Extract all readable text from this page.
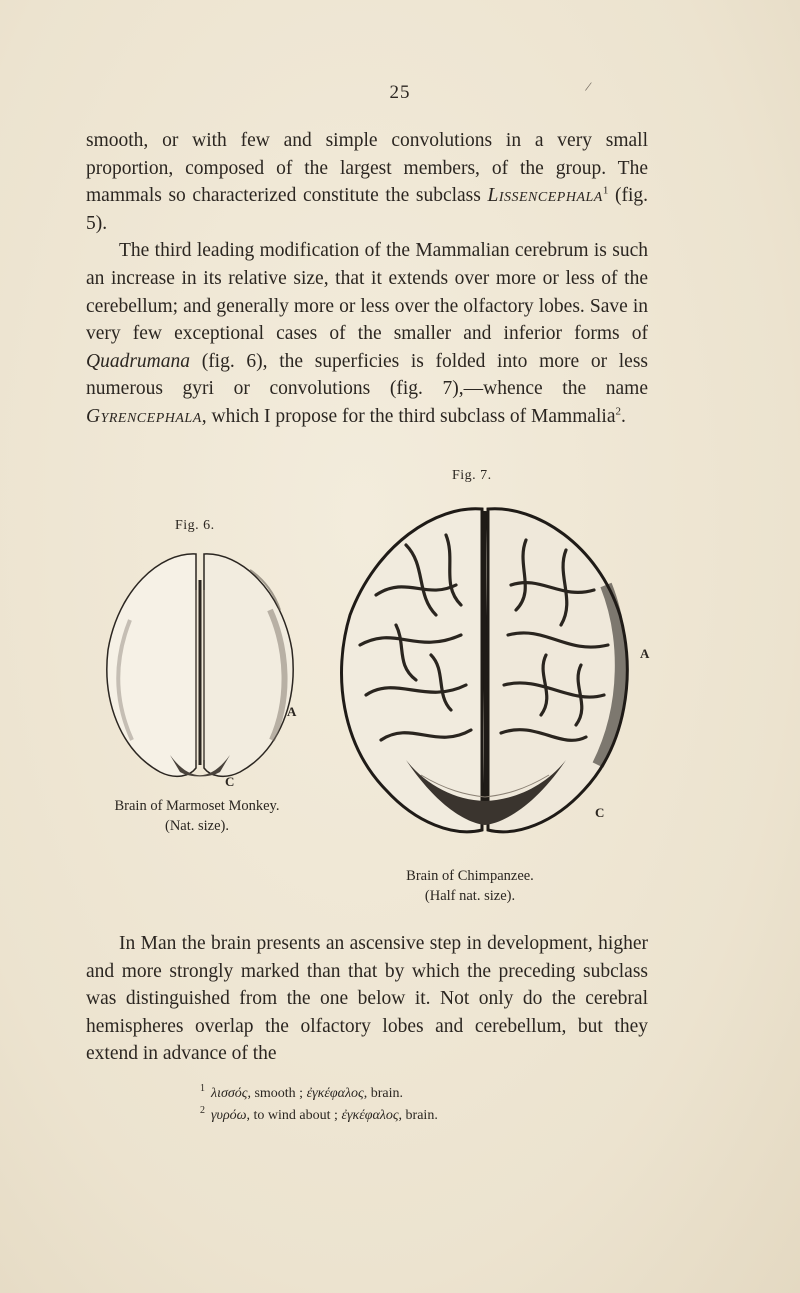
25	/

smooth, or with few and simple convolutions in a very small proportion, composed of the largest members, of the group. The mammals so characterized constitute the subclass Lissencephala$^1$ (fig. 5).

The third leading modification of the Mammalian cerebrum is such an increase in its relative size, that it extends over more or less of the cerebellum; and generally more or less over the olfactory lobes. Save in very few exceptional cases of the smaller and inferior forms of Quadrumana (fig. 6), the superficies is folded into more or less numerous gyri or convolutions (fig. 7),—whence the name Gyrencephala, which I propose for the third subclass of Mammalia$^2$.

Fig. 6.
A
C
Brain of Marmoset Monkey.
(Nat. size).
Fig. 7.
A
C
Brain of Chimpanzee.
(Half nat. size).

In Man the brain presents an ascensive step in development, higher and more strongly marked than that by which the preceding subclass was distinguished from the one below it. Not only do the cerebral hemispheres overlap the olfactory lobes and cerebellum, but they extend in advance of the

$^1$ λισσός, smooth ; ἐγκέφαλος, brain.
$^2$ γυρόω, to wind about ; ἐγκέφαλος, brain.
